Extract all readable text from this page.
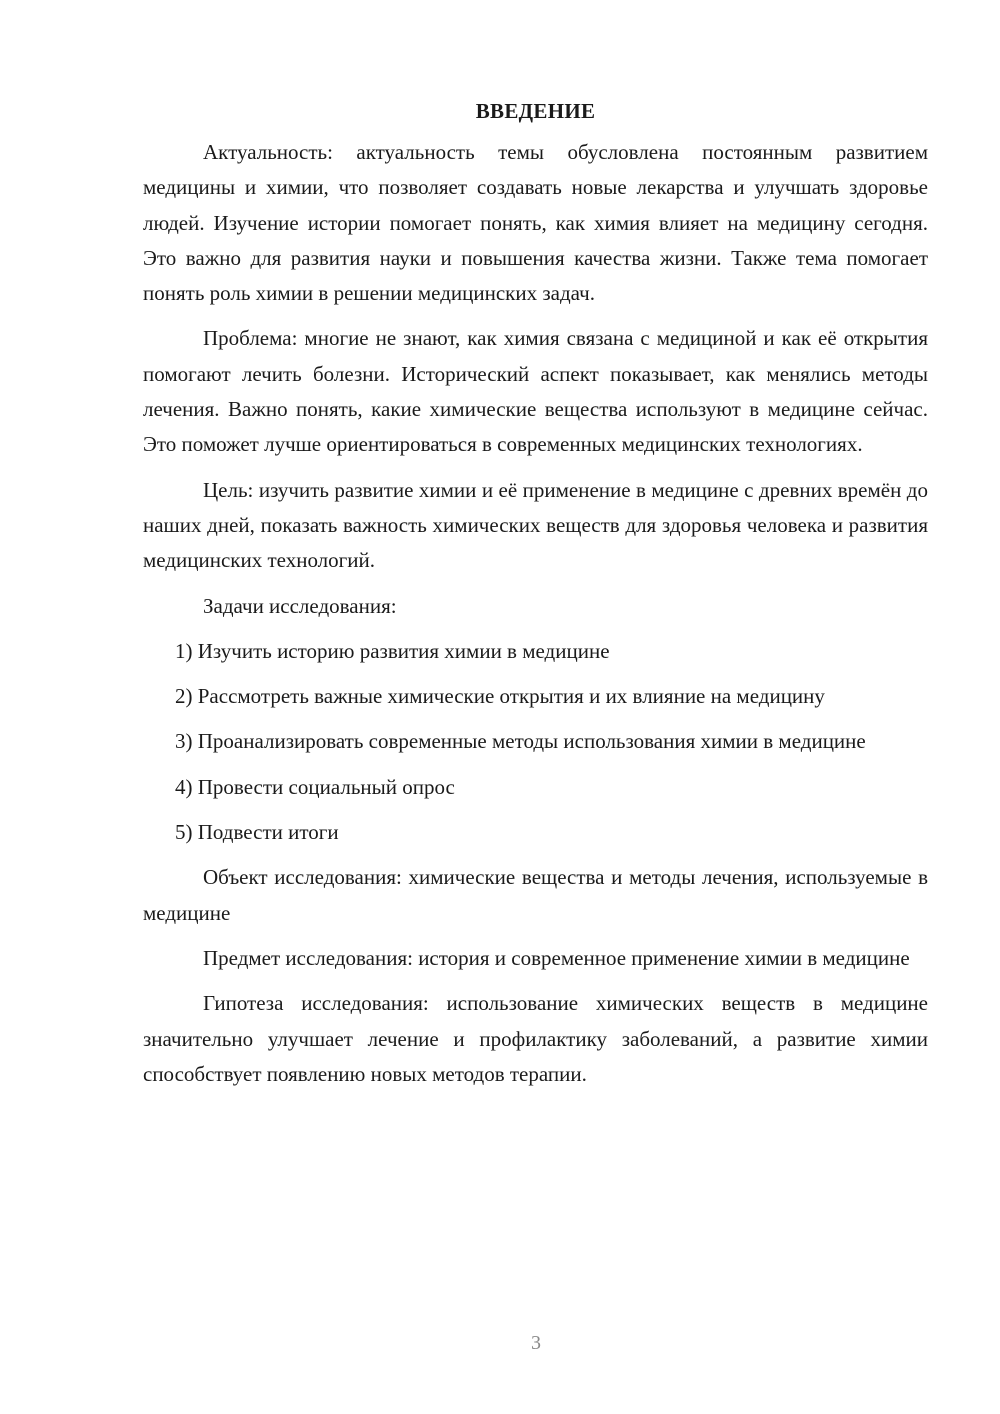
ВВЕДЕНИЕ

Актуальность: актуальность темы обусловлена постоянным развитием медицины и химии, что позволяет создавать новые лекарства и улучшать здоровье людей. Изучение истории помогает понять, как химия влияет на медицину сегодня. Это важно для развития науки и повышения качества жизни. Также тема помогает понять роль химии в решении медицинских задач.

Проблема: многие не знают, как химия связана с медициной и как её открытия помогают лечить болезни. Исторический аспект показывает, как менялись методы лечения. Важно понять, какие химические вещества используют в медицине сейчас. Это поможет лучше ориентироваться в современных медицинских технологиях.

Цель: изучить развитие химии и её применение в медицине с древних времён до наших дней, показать важность химических веществ для здоровья человека и развития медицинских технологий.

Задачи исследования:

1) Изучить историю развития химии в медицине

2) Рассмотреть важные химические открытия и их влияние на медицину

3) Проанализировать современные методы использования химии в медицине

4) Провести социальный опрос

5) Подвести итоги

Объект исследования: химические вещества и методы лечения, используемые в медицине

Предмет исследования: история и современное применение химии в медицине

Гипотеза исследования: использование химических веществ в медицине значительно улучшает лечение и профилактику заболеваний, а развитие химии способствует появлению новых методов терапии.

3
